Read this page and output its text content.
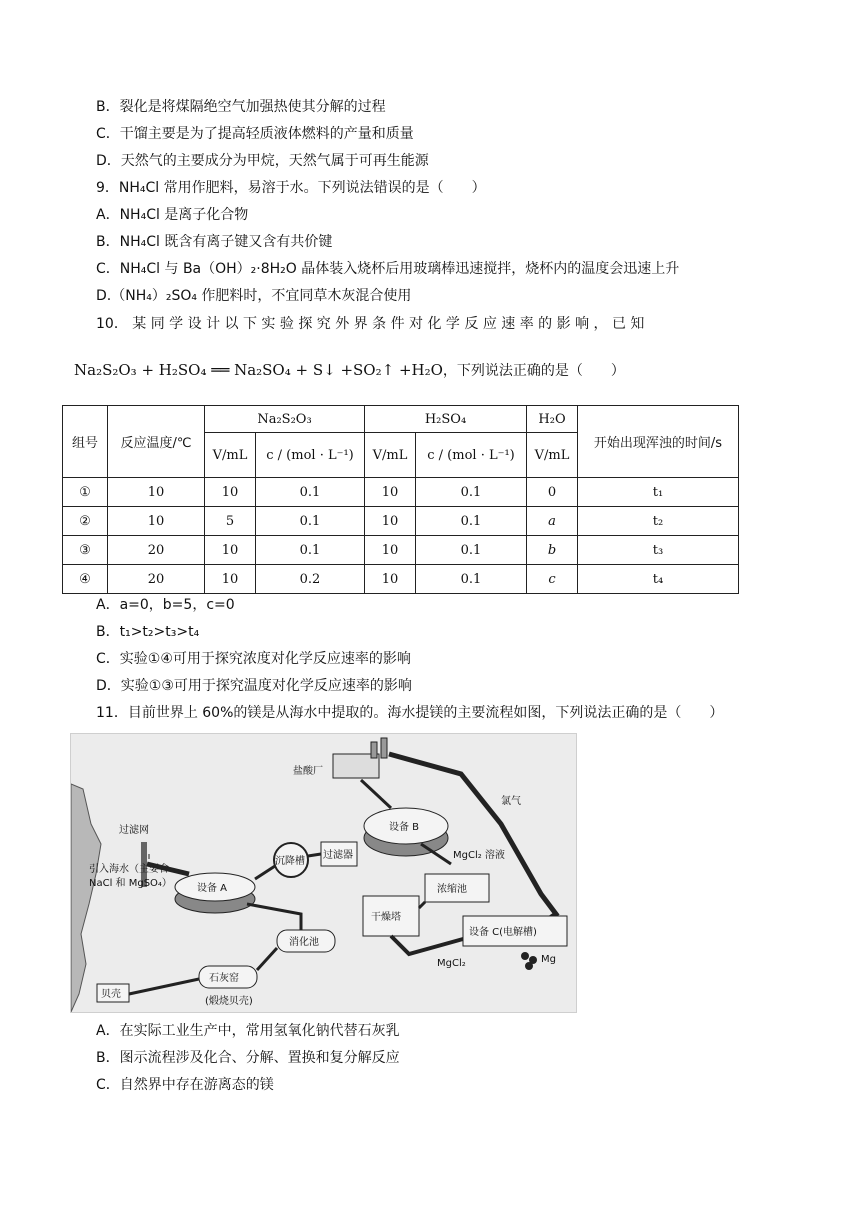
B．裂化是将煤隔绝空气加强热使其分解的过程
C．干馏主要是为了提高轻质液体燃料的产量和质量
D．天然气的主要成分为甲烷，天然气属于可再生能源
9．NH₄Cl 常用作肥料，易溶于水。下列说法错误的是（　　）
A．NH₄Cl 是离子化合物
B．NH₄Cl 既含有离子键又含有共价键
C．NH₄Cl 与 Ba（OH）₂·8H₂O 晶体装入烧杯后用玻璃棒迅速搅拌，烧杯内的温度会迅速上升
D.（NH₄）₂SO₄ 作肥料时，不宜同草木灰混合使用
10． 某 同 学 设 计 以 下 实 验 探 究 外 界 条 件 对 化 学 反 应 速 率 的 影 响 ， 已 知
Na₂S₂O₃ + H₂SO₄ ══ Na₂SO₄ + S↓ +SO₂↑ +H₂O，下列说法正确的是（　　）
组号	反应温度/℃	Na₂S₂O₃		H₂SO₄		H₂O	开始出现浑浊的时间/s
		V/mL	c / (mol · L⁻¹)	V/mL	c / (mol · L⁻¹)	V/mL	
①	10	10	0.1	10	0.1	0	t₁
②	10	5	0.1	10	0.1	a	t₂
③	20	10	0.1	10	0.1	b	t₃
④	20	10	0.2	10	0.1	c	t₄
A．a=0，b=5，c=0
B．t₁>t₂>t₃>t₄
C．实验①④可用于探究浓度对化学反应速率的影响
D．实验①③可用于探究温度对化学反应速率的影响
11．目前世界上 60%的镁是从海水中提取的。海水提镁的主要流程如图，下列说法正确的是（　　）
过滤网
引入海水（主要含
NaCl 和 MgSO₄）	设备 A
沉降槽
过滤器
设备 B
盐酸厂
氯气
MgCl₂ 溶液
浓缩池
干燥塔
设备 C(电解槽)
MgCl₂	Mg
石灰窑
(煅烧贝壳)
消化池
贝壳
A．在实际工业生产中，常用氢氧化钠代替石灰乳
B．图示流程涉及化合、分解、置换和复分解反应
C．自然界中存在游离态的镁
